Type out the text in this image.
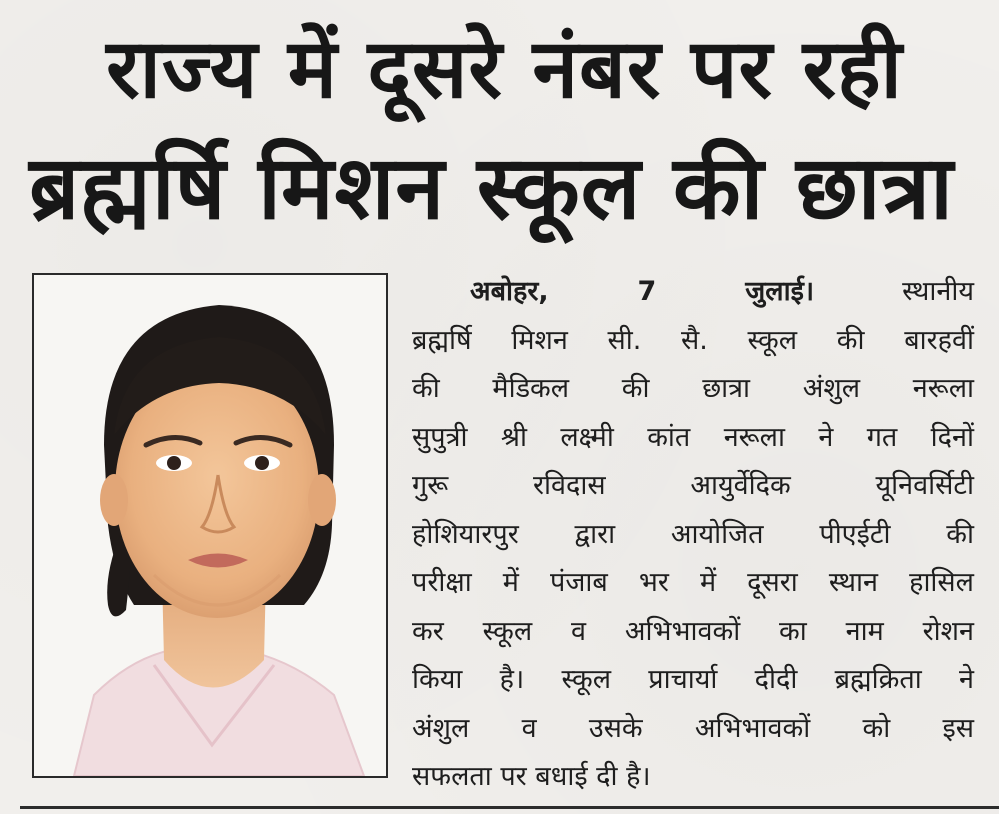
राज्य में दूसरे नंबर पर रही
ब्रह्मर्षि मिशन स्कूल की छात्रा
अबोहर, 7 जुलाई।	स्थानीय
ब्रह्मर्षि मिशन सी. सै. स्कूल की बारहवीं
की मैडिकल की छात्रा अंशुल नरूला
सुपुत्री श्री लक्ष्मी कांत नरूला ने गत दिनों
गुरू रविदास आयुर्वेदिक यूनिवर्सिटी
होशियारपुर द्वारा आयोजित पीएईटी की
परीक्षा में पंजाब भर में दूसरा स्थान हासिल
कर स्कूल व अभिभावकों का नाम रोशन
किया है। स्कूल प्राचार्या दीदी ब्रह्मक्रिता ने
अंशुल व उसके अभिभावकों को इस
सफलता पर बधाई दी है।
